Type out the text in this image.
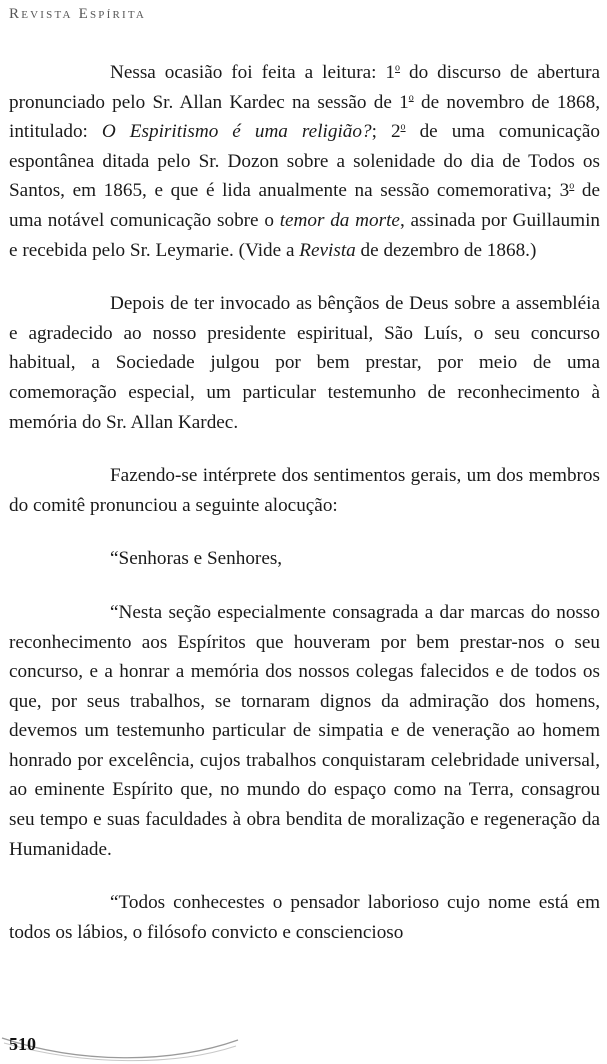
Revista Espírita

Nessa ocasião foi feita a leitura: 1$^o$ do discurso de abertura pronunciado pelo Sr. Allan Kardec na sessão de 1$^o$ de novembro de 1868, intitulado: O Espiritismo é uma religião?; 2$^o$ de uma comunicação espontânea ditada pelo Sr. Dozon sobre a solenidade do dia de Todos os Santos, em 1865, e que é lida anualmente na sessão comemorativa; 3$^o$ de uma notável comunicação sobre o temor da morte, assinada por Guillaumin e recebida pelo Sr. Leymarie. (Vide a Revista de dezembro de 1868.)

Depois de ter invocado as bênçãos de Deus sobre a assembléia e agradecido ao nosso presidente espiritual, São Luís, o seu concurso habitual, a Sociedade julgou por bem prestar, por meio de uma comemoração especial, um particular testemunho de reconhecimento à memória do Sr. Allan Kardec.

Fazendo-se intérprete dos sentimentos gerais, um dos membros do comitê pronunciou a seguinte alocução:

“Senhoras e Senhores,

“Nesta seção especialmente consagrada a dar marcas do nosso reconhecimento aos Espíritos que houveram por bem prestar-nos o seu concurso, e a honrar a memória dos nossos colegas falecidos e de todos os que, por seus trabalhos, se tornaram dignos da admiração dos homens, devemos um testemunho particular de simpatia e de veneração ao homem honrado por excelência, cujos trabalhos conquistaram celebridade universal, ao eminente Espírito que, no mundo do espaço como na Terra, consagrou seu tempo e suas faculdades à obra bendita de moralização e regeneração da Humanidade.

“Todos conhecestes o pensador laborioso cujo nome está em todos os lábios, o filósofo convicto e consciencioso

510
